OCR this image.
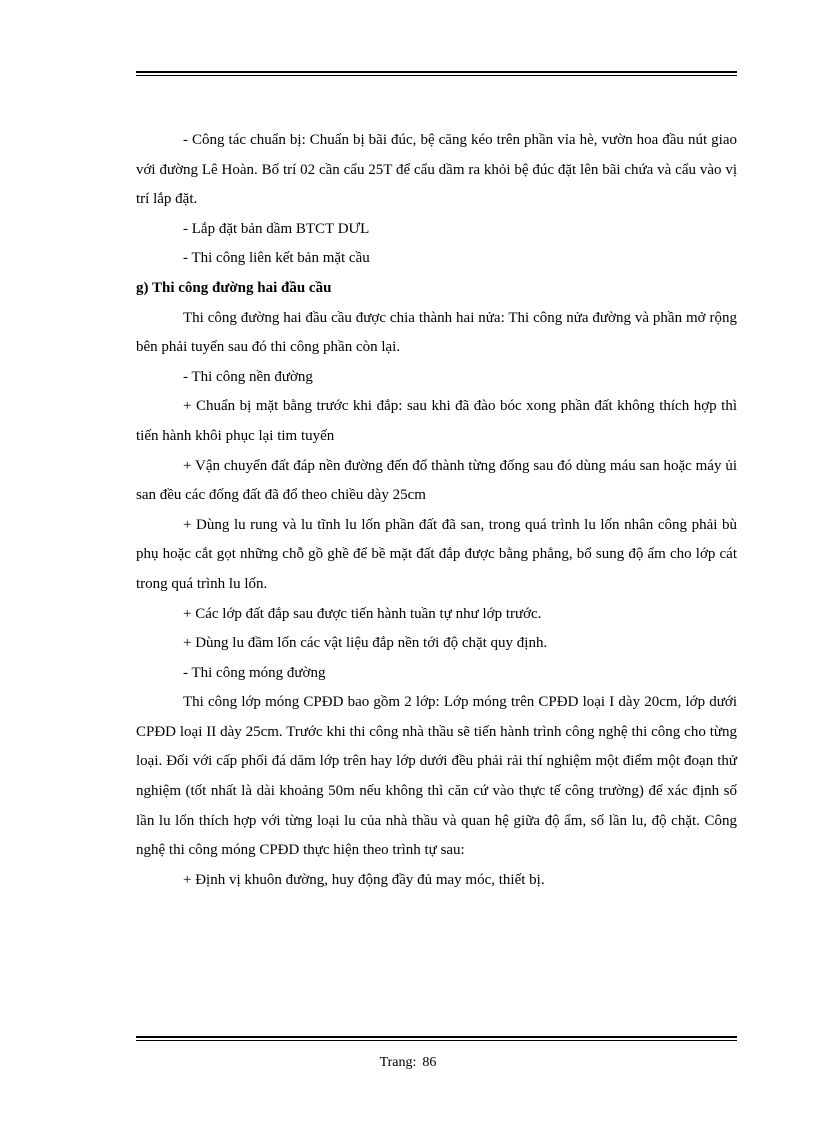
- Công tác chuẩn bị: Chuẩn bị bãi đúc, bệ căng kéo trên phần vỉa hè, vườn hoa đầu nút giao với đường Lê Hoàn. Bố trí 02 cần cẩu 25T để cẩu dầm ra khỏi bệ đúc đặt lên bãi chứa và cẩu vào vị trí lắp đặt.

- Lắp đặt bản dầm BTCT DƯL

- Thi công liên kết bản mặt cầu

g) Thi công đường hai đầu cầu

Thi công đường hai đầu cầu được chia thành hai nửa: Thi công nửa đường và phần mở rộng bên phải tuyến sau đó thi công phần còn lại.

- Thi công nền đường

+ Chuẩn bị mặt bằng trước khi đắp: sau khi đã đào bóc xong phần đất không thích hợp thì tiến hành khôi phục lại tim tuyến

+ Vận chuyển đất đáp nền đường đến đổ thành từng đống sau đó dùng máu san hoặc máy ủi san đều các đống đất đã đổ theo chiều dày 25cm

+ Dùng lu rung và lu tĩnh lu lốn phần đất đã san, trong quá trình lu lốn nhân công phải bù phụ hoặc cắt gọt những chỗ gồ ghề để bề mặt đất đắp được bằng phẳng, bổ sung độ ẩm cho lớp cát trong quá trình lu lốn.

+ Các lớp đất đắp sau được tiến hành tuần tự như lớp trước.

+ Dùng lu đầm lốn các vật liệu đắp nền tới độ chặt quy định.

- Thi công móng đường

Thi công lớp móng CPĐD bao gồm 2 lớp: Lớp móng trên CPĐD loại I dày 20cm, lớp dưới CPĐD loại II dày 25cm. Trước khi thi công nhà thầu sẽ tiến hành trình công nghệ thi công cho từng loại. Đối với cấp phối đá dăm lớp trên hay lớp dưới đều phải rải thí nghiệm một điểm một đoạn thử nghiệm (tốt nhất là dài khoảng 50m nếu không thì căn cứ vào thực tế công trường) để xác định số lần lu lốn thích hợp với từng loại lu của nhà thầu và quan hệ giữa độ ẩm, số lần lu, độ chặt. Công nghệ thi công móng CPĐD thực hiện theo trình tự sau:

+ Định vị khuôn đường, huy động đầy đủ may móc, thiết bị.

Trang: 86
